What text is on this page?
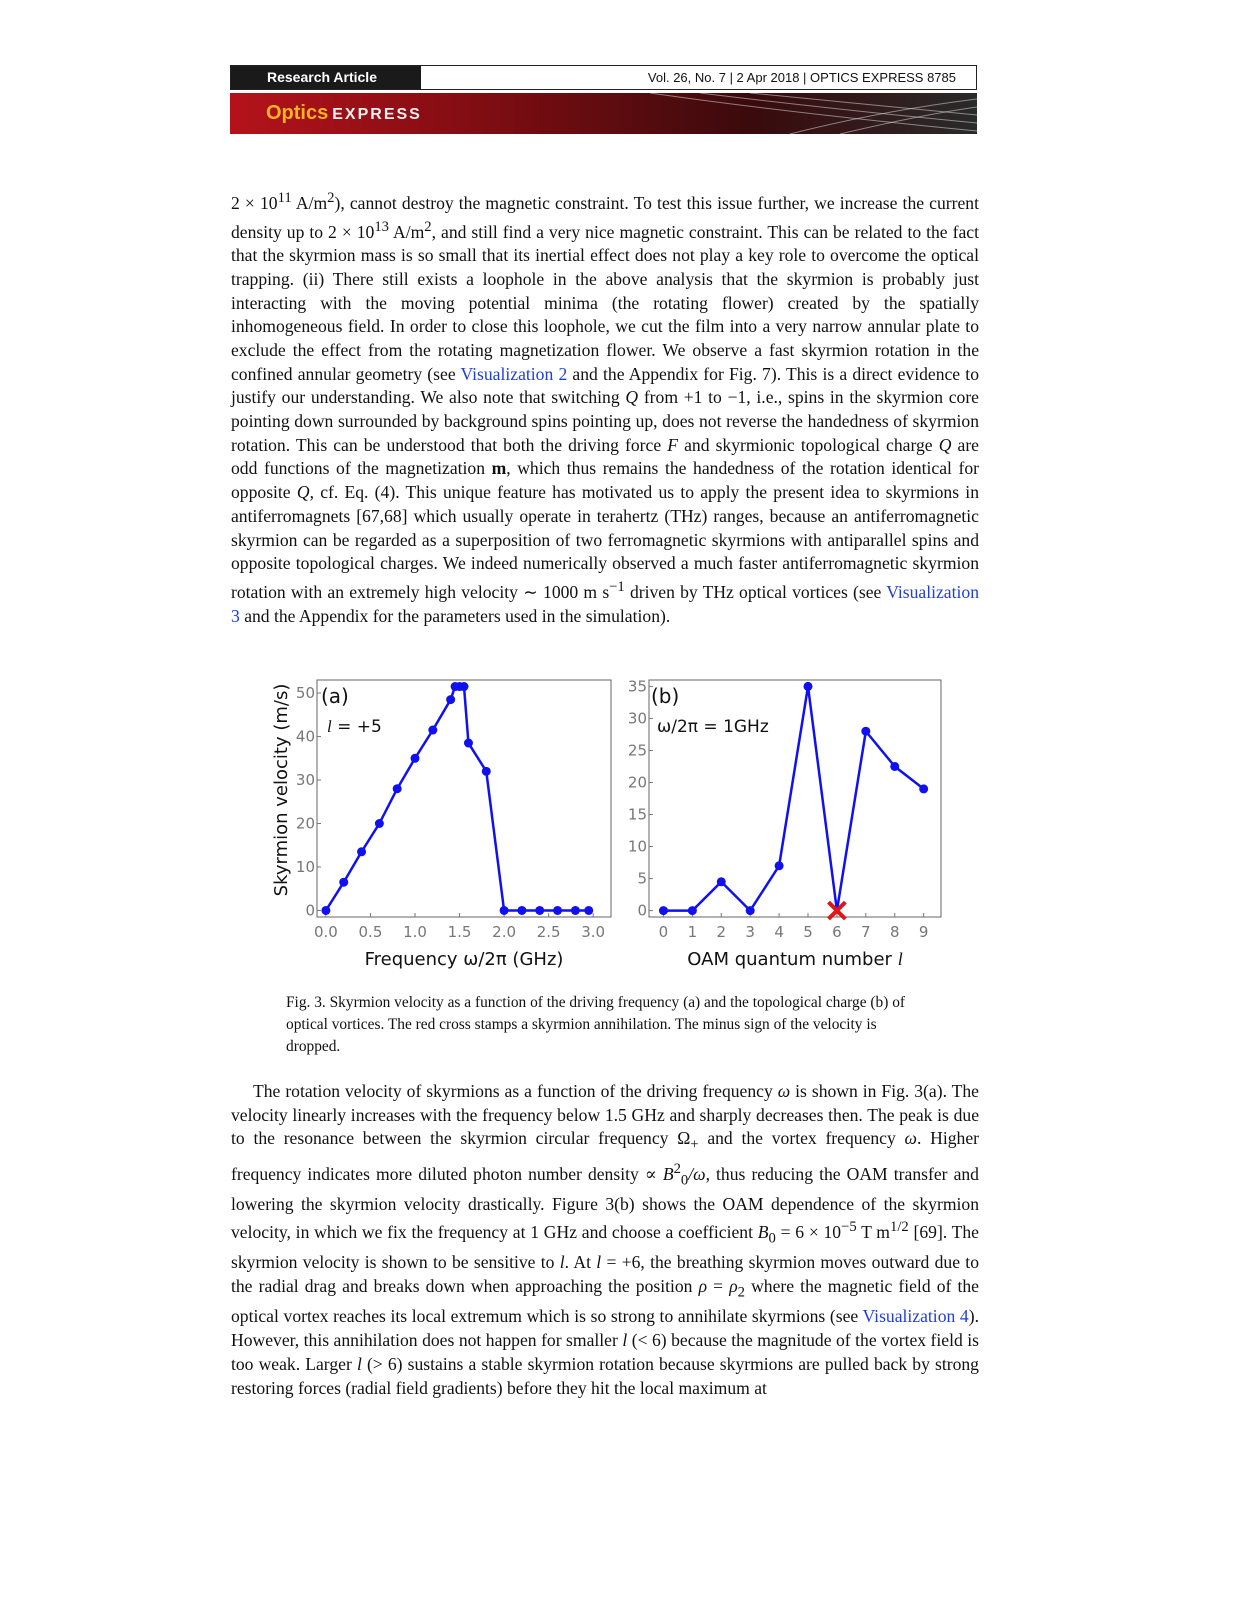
Research Article	Vol. 26, No. 7 | 2 Apr 2018 | OPTICS EXPRESS 8785
Optics EXPRESS

$2 \times 10^{11}$ $A/m^2$), cannot destroy the magnetic constraint. To test this issue further, we increase the current density up to $2 \times 10^{13}$ $A/m^2$, and still find a very nice magnetic constraint. This can be related to the fact that the skyrmion mass is so small that its inertial effect does not play a key role to overcome the optical trapping. (ii) There still exists a loophole in the above analysis that the skyrmion is probably just interacting with the moving potential minima (the rotating flower) created by the spatially inhomogeneous field. In order to close this loophole, we cut the film into a very narrow annular plate to exclude the effect from the rotating magnetization flower. We observe a fast skyrmion rotation in the confined annular geometry (see Visualization 2 and the Appendix for Fig. 7). This is a direct evidence to justify our understanding. We also note that switching Q from +1 to −1, i.e., spins in the skyrmion core pointing down surrounded by background spins pointing up, does not reverse the handedness of skyrmion rotation. This can be understood that both the driving force F and skyrmionic topological charge Q are odd functions of the magnetization m, which thus remains the handedness of the rotation identical for opposite Q, cf. Eq. (4). This unique feature has motivated us to apply the present idea to skyrmions in antiferromagnets [67,68] which usually operate in terahertz (THz) ranges, because an antiferromagnetic skyrmion can be regarded as a superposition of two ferromagnetic skyrmions with antiparallel spins and opposite topological charges. We indeed numerically observed a much faster antiferromagnetic skyrmion rotation with an extremely high velocity ∼ 1000 m $s^{-1}$ driven by THz optical vortices (see Visualization 3 and the Appendix for the parameters used in the simulation).

Skyrmion velocity (m/s) (a)
l = +5
Frequency ω/2π (GHz)
0.0 0.5 1.0 1.5 2.0 2.5 3.0
0
10
20
30
40
50	(b)
ω/2π = 1GHz
OAM quantum number l
0 1 2 3 4 5 6 7 8 9
0
5
10
15
20
25
30
35

Fig. 3. Skyrmion velocity as a function of the driving frequency (a) and the topological charge (b) of optical vortices. The red cross stamps a skyrmion annihilation. The minus sign of the velocity is dropped.

The rotation velocity of skyrmions as a function of the driving frequency ω is shown in Fig. 3(a). The velocity linearly increases with the frequency below 1.5 GHz and sharply decreases then. The peak is due to the resonance between the skyrmion circular frequency $\Omega_+$ and the vortex frequency ω. Higher frequency indicates more diluted photon number density ∝ $B^2_0/\omega$, thus reducing the OAM transfer and lowering the skyrmion velocity drastically. Figure 3(b) shows the OAM dependence of the skyrmion velocity, in which we fix the frequency at 1 GHz and choose a coefficient $B_0 = 6 \times 10^{-5}$ T $m^{1/2}$ [69]. The skyrmion velocity is shown to be sensitive to l. At l = +6, the breathing skyrmion moves outward due to the radial drag and breaks down when approaching the position $\rho = \rho_2$ where the magnetic field of the optical vortex reaches its local extremum which is so strong to annihilate skyrmions (see Visualization 4). However, this annihilation does not happen for smaller l (< 6) because the magnitude of the vortex field is too weak. Larger l (> 6) sustains a stable skyrmion rotation because skyrmions are pulled back by strong restoring forces (radial field gradients) before they hit the local maximum at
